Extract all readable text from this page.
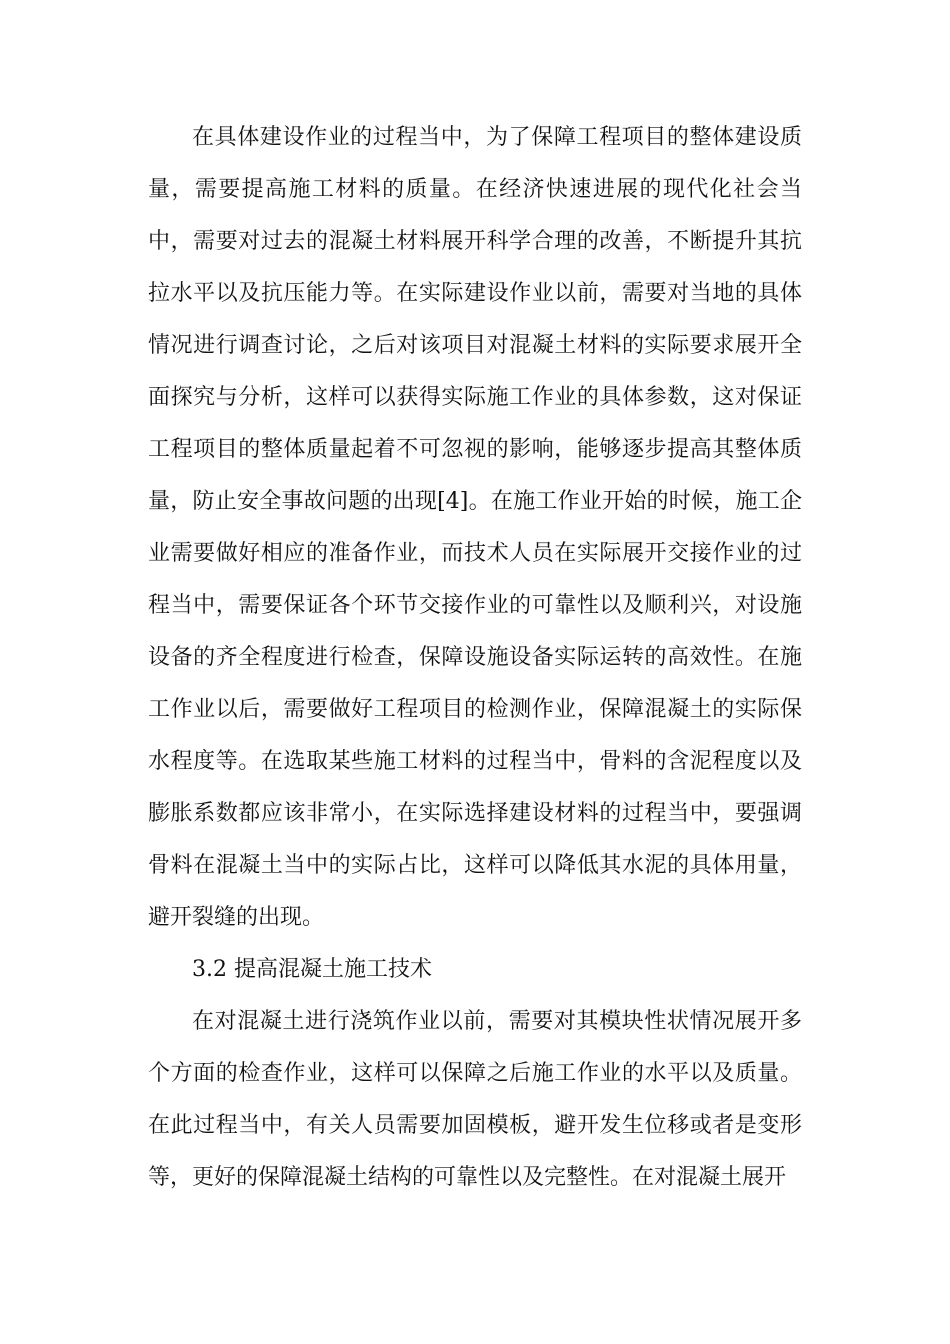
在具体建设作业的过程当中，为了保障工程项目的整体建设质量，需要提高施工材料的质量。在经济快速进展的现代化社会当中，需要对过去的混凝土材料展开科学合理的改善，不断提升其抗拉水平以及抗压能力等。在实际建设作业以前，需要对当地的具体情况进行调查讨论，之后对该项目对混凝土材料的实际要求展开全面探究与分析，这样可以获得实际施工作业的具体参数，这对保证工程项目的整体质量起着不可忽视的影响，能够逐步提高其整体质量，防止安全事故问题的出现[4]。在施工作业开始的时候，施工企业需要做好相应的准备作业，而技术人员在实际展开交接作业的过程当中，需要保证各个环节交接作业的可靠性以及顺利兴，对设施设备的齐全程度进行检查，保障设施设备实际运转的高效性。在施工作业以后，需要做好工程项目的检测作业，保障混凝土的实际保水程度等。在选取某些施工材料的过程当中，骨料的含泥程度以及膨胀系数都应该非常小，在实际选择建设材料的过程当中，要强调骨料在混凝土当中的实际占比，这样可以降低其水泥的具体用量，避开裂缝的出现。

3.2 提高混凝土施工技术

在对混凝土进行浇筑作业以前，需要对其模块性状情况展开多个方面的检查作业，这样可以保障之后施工作业的水平以及质量。在此过程当中，有关人员需要加固模板，避开发生位移或者是变形等，更好的保障混凝土结构的可靠性以及完整性。在对混凝土展开
